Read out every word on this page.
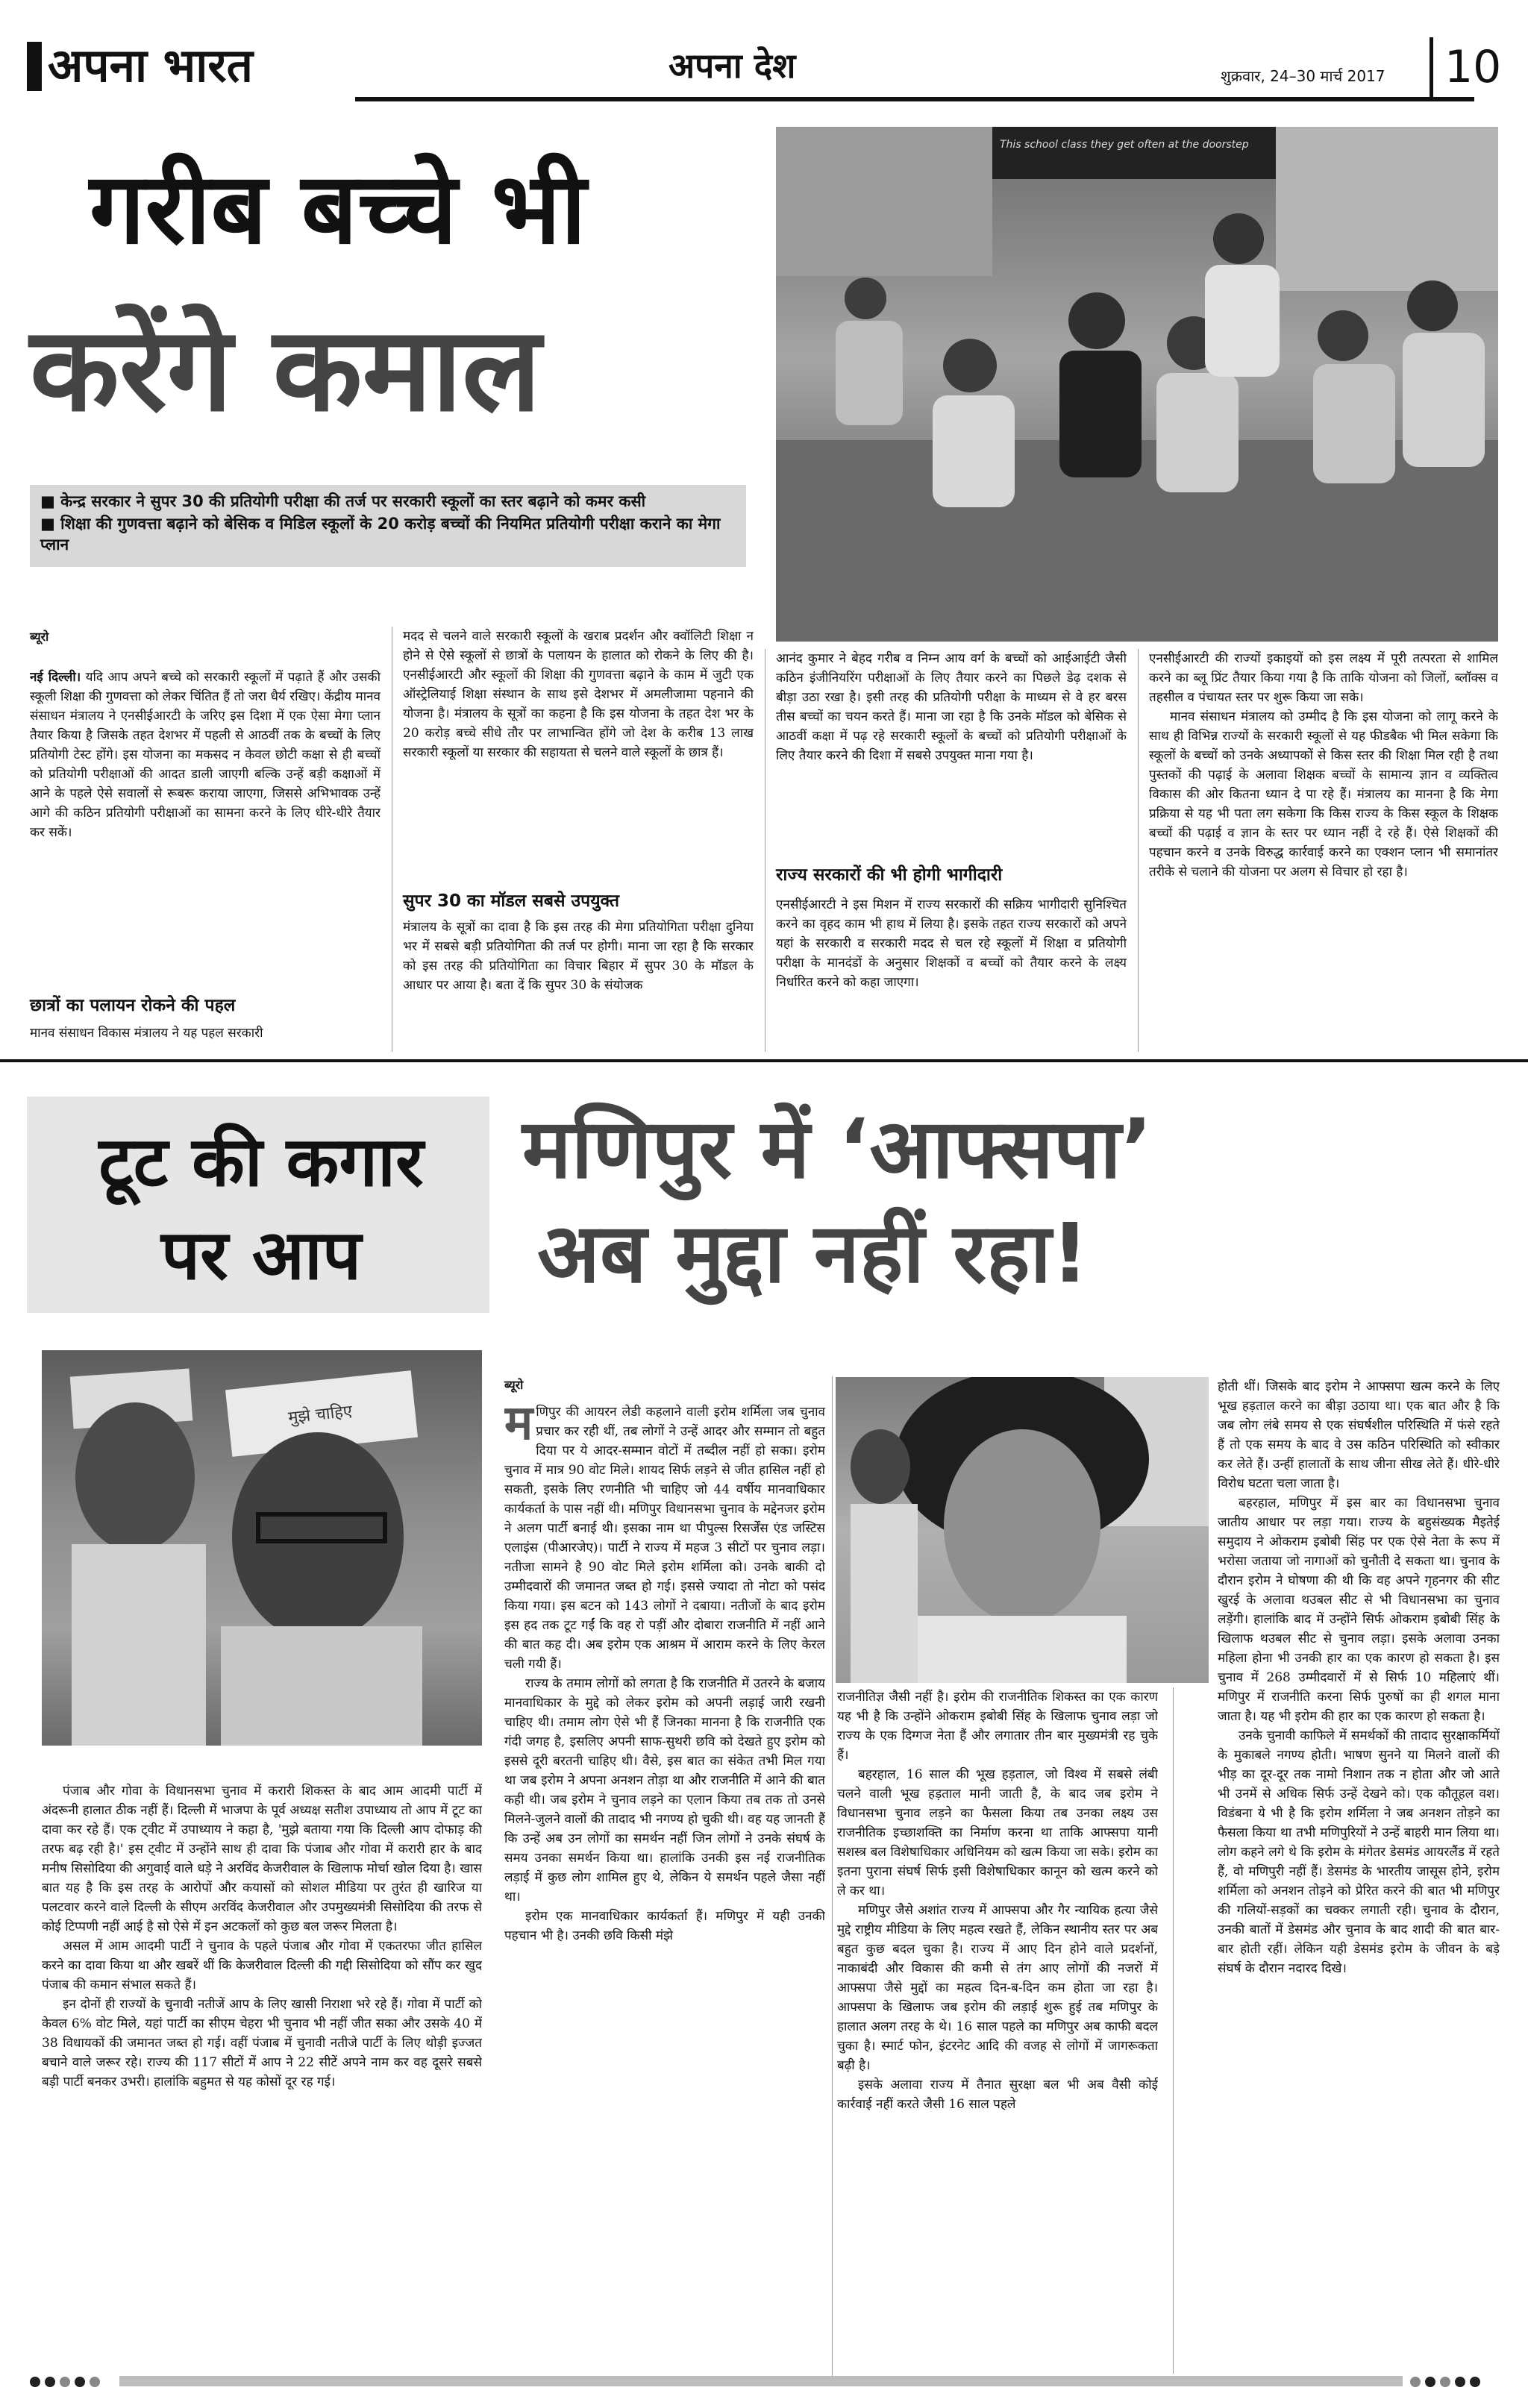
अपना भारत	अपना देश	शुक्रवार, 24–30 मार्च 2017 10
गरीब बच्चे भी
करेंगे कमाल
■ केन्द्र सरकार ने सुपर 30 की प्रतियोगी परीक्षा की तर्ज पर सरकारी स्कूलों का स्तर बढ़ाने को कमर कसी
■ शिक्षा की गुणवत्ता बढ़ाने को बेसिक व मिडिल स्कूलों के 20 करोड़ बच्चों की नियमित प्रतियोगी परीक्षा कराने का मेगा प्लान
This school class they get often at the doorstep
ब्यूरो

नई दिल्ली। यदि आप अपने बच्चे को सरकारी स्कूलों में पढ़ाते हैं और उसकी स्कूली शिक्षा की गुणवत्ता को लेकर चिंतित हैं तो जरा धैर्य रखिए। केंद्रीय मानव संसाधन मंत्रालय ने एनसीईआरटी के जरिए इस दिशा में एक ऐसा मेगा प्लान तैयार किया है जिसके तहत देशभर में पहली से आठवीं तक के बच्चों के लिए प्रतियोगी टेस्ट होंगे। इस योजना का मकसद न केवल छोटी कक्षा से ही बच्चों को प्रतियोगी परीक्षाओं की आदत डाली जाएगी बल्कि उन्हें बड़ी कक्षाओं में आने के पहले ऐसे सवालों से रूबरू कराया जाएगा, जिससे अभिभावक उन्हें आगे की कठिन प्रतियोगी परीक्षाओं का सामना करने के लिए धीरे-धीरे तैयार कर सकें।

छात्रों का पलायन रोकने की पहल
मानव संसाधन विकास मंत्रालय ने यह पहल सरकारी
मदद से चलने वाले सरकारी स्कूलों के खराब प्रदर्शन और क्वॉलिटी शिक्षा न होने से ऐसे स्कूलों से छात्रों के पलायन के हालात को रोकने के लिए की है। एनसीईआरटी और स्कूलों की शिक्षा की गुणवत्ता बढ़ाने के काम में जुटी एक ऑस्ट्रेलियाई शिक्षा संस्थान के साथ इसे देशभर में अमलीजामा पहनाने की योजना है। मंत्रालय के सूत्रों का कहना है कि इस योजना के तहत देश भर के 20 करोड़ बच्चे सीधे तौर पर लाभान्वित होंगे जो देश के करीब 13 लाख सरकारी स्कूलों या सरकार की सहायता से चलने वाले स्कूलों के छात्र हैं।
सुपर 30 का मॉडल सबसे उपयुक्त
मंत्रालय के सूत्रों का दावा है कि इस तरह की मेगा प्रतियोगिता परीक्षा दुनिया भर में सबसे बड़ी प्रतियोगिता की तर्ज पर होगी। माना जा रहा है कि सरकार को इस तरह की प्रतियोगिता का विचार बिहार में सुपर 30 के मॉडल के आधार पर आया है। बता दें कि सुपर 30 के संयोजक
आनंद कुमार ने बेहद गरीब व निम्न आय वर्ग के बच्चों को आईआईटी जैसी कठिन इंजीनियरिंग परीक्षाओं के लिए तैयार करने का पिछले डेढ़ दशक से बीड़ा उठा रखा है। इसी तरह की प्रतियोगी परीक्षा के माध्यम से वे हर बरस तीस बच्चों का चयन करते हैं। माना जा रहा है कि उनके मॉडल को बेसिक से आठवीं कक्षा में पढ़ रहे सरकारी स्कूलों के बच्चों को प्रतियोगी परीक्षाओं के लिए तैयार करने की दिशा में सबसे उपयुक्त माना गया है।
राज्य सरकारों की भी होगी भागीदारी
एनसीईआरटी ने इस मिशन में राज्य सरकारों की सक्रिय भागीदारी सुनिश्चित करने का वृहद काम भी हाथ में लिया है। इसके तहत राज्य सरकारों को अपने यहां के सरकारी व सरकारी मदद से चल रहे स्कूलों में शिक्षा व प्रतियोगी परीक्षा के मानदंडों के अनुसार शिक्षकों व बच्चों को तैयार करने के लक्ष्य निर्धारित करने को कहा जाएगा।

एनसीईआरटी की राज्यों इकाइयों को इस लक्ष्य में पूरी तत्परता से शामिल करने का ब्लू प्रिंट तैयार किया गया है कि ताकि योजना को जिलों, ब्लॉक्स व तहसील व पंचायत स्तर पर शुरू किया जा सके।

मानव संसाधन मंत्रालय को उम्मीद है कि इस योजना को लागू करने के साथ ही विभिन्न राज्यों के सरकारी स्कूलों से यह फीडबैक भी मिल सकेगा कि स्कूलों के बच्चों को उनके अध्यापकों से किस स्तर की शिक्षा मिल रही है तथा पुस्तकों की पढ़ाई के अलावा शिक्षक बच्चों के सामान्य ज्ञान व व्यक्तित्व विकास की ओर कितना ध्यान दे पा रहे हैं। मंत्रालय का मानना है कि मेगा प्रक्रिया से यह भी पता लग सकेगा कि किस राज्य के किस स्कूल के शिक्षक बच्चों की पढ़ाई व ज्ञान के स्तर पर ध्यान नहीं दे रहे हैं। ऐसे शिक्षकों की पहचान करने व उनके विरुद्ध कार्रवाई करने का एक्शन प्लान भी समानांतर तरीके से चलाने की योजना पर अलग से विचार हो रहा है।

टूट की कगार
पर आप
मुझे चाहिए

पंजाब और गोवा के विधानसभा चुनाव में करारी शिकस्त के बाद आम आदमी पार्टी में अंदरूनी हालात ठीक नहीं हैं। दिल्ली में भाजपा के पूर्व अध्यक्ष सतीश उपाध्याय तो आप में टूट का दावा कर रहे हैं। एक ट्वीट में उपाध्याय ने कहा है, 'मुझे बताया गया कि दिल्ली आप दोफाड़ की तरफ बढ़ रही है।' इस ट्वीट में उन्होंने साथ ही दावा कि पंजाब और गोवा में करारी हार के बाद मनीष सिसोदिया की अगुवाई वाले धड़े ने अरविंद केजरीवाल के खिलाफ मोर्चा खोल दिया है। खास बात यह है कि इस तरह के आरोपों और कयासों को सोशल मीडिया पर तुरंत ही खारिज या पलटवार करने वाले दिल्ली के सीएम अरविंद केजरीवाल और उपमुख्यमंत्री सिसोदिया की तरफ से कोई टिप्पणी नहीं आई है सो ऐसे में इन अटकलों को कुछ बल जरूर मिलता है।

असल में आम आदमी पार्टी ने चुनाव के पहले पंजाब और गोवा में एकतरफा जीत हासिल करने का दावा किया था और खबरें थीं कि केजरीवाल दिल्ली की गद्दी सिसोदिया को सौंप कर खुद पंजाब की कमान संभाल सकते हैं।

इन दोनों ही राज्यों के चुनावी नतीजें आप के लिए खासी निराशा भरे रहे हैं। गोवा में पार्टी को केवल 6% वोट मिले, यहां पार्टी का सीएम चेहरा भी चुनाव भी नहीं जीत सका और उसके 40 में 38 विधायकों की जमानत जब्त हो गई। वहीं पंजाब में चुनावी नतीजे पार्टी के लिए थोड़ी इज्जत बचाने वाले जरूर रहे। राज्य की 117 सीटों में आप ने 22 सीटें अपने नाम कर वह दूसरे सबसे बड़ी पार्टी बनकर उभरी। हालांकि बहुमत से यह कोसों दूर रह गई।

मणिपुर में ‘आफ्सपा’
अब मुद्दा नहीं रहा!
ब्यूरो

मणिपुर की आयरन लेडी कहलाने वाली इरोम शर्मिला जब चुनाव प्रचार कर रही थीं, तब लोगों ने उन्हें आदर और सम्मान तो बहुत दिया पर ये आदर-सम्मान वोटों में तब्दील नहीं हो सका। इरोम चुनाव में मात्र 90 वोट मिले। शायद सिर्फ लड़ने से जीत हासिल नहीं हो सकती, इसके लिए रणनीति भी चाहिए जो 44 वर्षीय मानवाधिकार कार्यकर्ता के पास नहीं थी। मणिपुर विधानसभा चुनाव के मद्देनजर इरोम ने अलग पार्टी बनाई थी। इसका नाम था पीपुल्स रिसर्जेंस एंड जस्टिस एलाइंस (पीआरजेए)। पार्टी ने राज्य में महज 3 सीटों पर चुनाव लड़ा। नतीजा सामने है 90 वोट मिले इरोम शर्मिला को। उनके बाकी दो उम्मीदवारों की जमानत जब्त हो गई। इससे ज्यादा तो नोटा को पसंद किया गया। इस बटन को 143 लोगों ने दबाया। नतीजों के बाद इरोम इस हद तक टूट गईं कि वह रो पड़ीं और दोबारा राजनीति में नहीं आने की बात कह दी। अब इरोम एक आश्रम में आराम करने के लिए केरल चली गयी हैं।

राज्य के तमाम लोगों को लगता है कि राजनीति में उतरने के बजाय मानवाधिकार के मुद्दे को लेकर इरोम को अपनी लड़ाई जारी रखनी चाहिए थी। तमाम लोग ऐसे भी हैं जिनका मानना है कि राजनीति एक गंदी जगह है, इसलिए अपनी साफ-सुथरी छवि को देखते हुए इरोम को इससे दूरी बरतनी चाहिए थी। वैसे, इस बात का संकेत तभी मिल गया था जब इरोम ने अपना अनशन तोड़ा था और राजनीति में आने की बात कही थी। जब इरोम ने चुनाव लड़ने का एलान किया तब तक तो उनसे मिलने-जुलने वालों की तादाद भी नगण्य हो चुकी थी। वह यह जानती हैं कि उन्हें अब उन लोगों का समर्थन नहीं जिन लोगों ने उनके संघर्ष के समय उनका समर्थन किया था। हालांकि उनकी इस नई राजनीतिक लड़ाई में कुछ लोग शामिल हुए थे, लेकिन ये समर्थन पहले जैसा नहीं था।

इरोम एक मानवाधिकार कार्यकर्ता हैं। मणिपुर में यही उनकी पहचान भी है। उनकी छवि किसी मंझे

राजनीतिज्ञ जैसी नहीं है। इरोम की राजनीतिक शिकस्त का एक कारण यह भी है कि उन्होंने ओकराम इबोबी सिंह के खिलाफ चुनाव लड़ा जो राज्य के एक दिग्गज नेता हैं और लगातार तीन बार मुख्यमंत्री रह चुके हैं।

बहरहाल, 16 साल की भूख हड़ताल, जो विश्व में सबसे लंबी चलने वाली भूख हड़ताल मानी जाती है, के बाद जब इरोम ने विधानसभा चुनाव लड़ने का फैसला किया तब उनका लक्ष्य उस राजनीतिक इच्छाशक्ति का निर्माण करना था ताकि आफ्सपा यानी सशस्त्र बल विशेषाधिकार अधिनियम को खत्म किया जा सके। इरोम का इतना पुराना संघर्ष सिर्फ इसी विशेषाधिकार कानून को खत्म करने को ले कर था।

मणिपुर जैसे अशांत राज्य में आफ्सपा और गैर न्यायिक हत्या जैसे मुद्दे राष्ट्रीय मीडिया के लिए महत्व रखते हैं, लेकिन स्थानीय स्तर पर अब बहुत कुछ बदल चुका है। राज्य में आए दिन होने वाले प्रदर्शनों, नाकाबंदी और विकास की कमी से तंग आए लोगों की नजरों में आफ्सपा जैसे मुद्दों का महत्व दिन-ब-दिन कम होता जा रहा है। आफ्सपा के खिलाफ जब इरोम की लड़ाई शुरू हुई तब मणिपुर के हालात अलग तरह के थे। 16 साल पहले का मणिपुर अब काफी बदल चुका है। स्मार्ट फोन, इंटरनेट आदि की वजह से लोगों में जागरूकता बढ़ी है।

इसके अलावा राज्य में तैनात सुरक्षा बल भी अब वैसी कोई कार्रवाई नहीं करते जैसी 16 साल पहले

होती थीं। जिसके बाद इरोम ने आफ्सपा खत्म करने के लिए भूख हड़ताल करने का बीड़ा उठाया था। एक बात और है कि जब लोग लंबे समय से एक संघर्षशील परिस्थिति में फंसे रहते हैं तो एक समय के बाद वे उस कठिन परिस्थिति को स्वीकार कर लेते हैं। उन्हीं हालातों के साथ जीना सीख लेते हैं। धीरे-धीरे विरोध घटता चला जाता है।

बहरहाल, मणिपुर में इस बार का विधानसभा चुनाव जातीय आधार पर लड़ा गया। राज्य के बहुसंख्यक मैइतेई समुदाय ने ओकराम इबोबी सिंह पर एक ऐसे नेता के रूप में भरोसा जताया जो नागाओं को चुनौती दे सकता था। चुनाव के दौरान इरोम ने घोषणा की थी कि वह अपने गृहनगर की सीट खुरई के अलावा थउबल सीट से भी विधानसभा का चुनाव लड़ेंगी। हालांकि बाद में उन्होंने सिर्फ ओकराम इबोबी सिंह के खिलाफ थउबल सीट से चुनाव लड़ा। इसके अलावा उनका महिला होना भी उनकी हार का एक कारण हो सकता है। इस चुनाव में 268 उम्मीदवारों में से सिर्फ 10 महिलाएं थीं। मणिपुर में राजनीति करना सिर्फ पुरुषों का ही शगल माना जाता है। यह भी इरोम की हार का एक कारण हो सकता है।

उनके चुनावी काफिले में समर्थकों की तादाद सुरक्षाकर्मियों के मुकाबले नगण्य होती। भाषण सुनने या मिलने वालों की भीड़ का दूर-दूर तक नामो निशान तक न होता और जो आते भी उनमें से अधिक सिर्फ उन्हें देखने को। एक कौतूहल वश। विडंबना ये भी है कि इरोम शर्मिला ने जब अनशन तोड़ने का फैसला किया था तभी मणिपुरियों ने उन्हें बाहरी मान लिया था। लोग कहने लगे थे कि इरोम के मंगेतर डेसमंड आयरलैंड में रहते हैं, वो मणिपुरी नहीं हैं। डेसमंड के भारतीय जासूस होने, इरोम शर्मिला को अनशन तोड़ने को प्रेरित करने की बात भी मणिपुर की गलियों-सड़कों का चक्कर लगाती रही। चुनाव के दौरान, उनकी बातों में डेसमंड और चुनाव के बाद शादी की बात बार-बार होती रहीं। लेकिन यही डेसमंड इरोम के जीवन के बड़े संघर्ष के दौरान नदारद दिखे।
